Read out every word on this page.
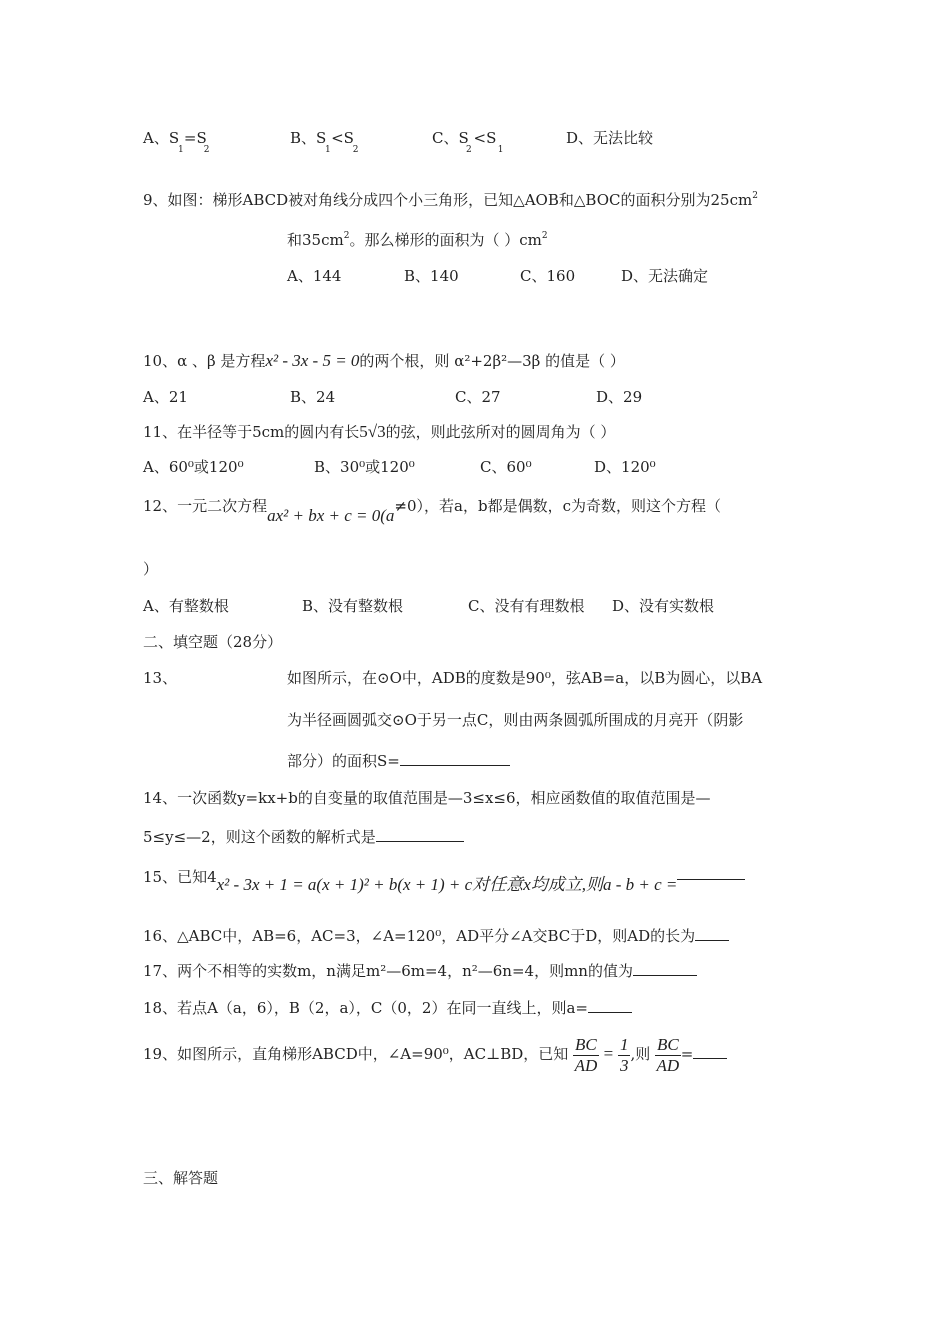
A、S =S
1 2
B、S <S
1 2
C、S <S
2	1
D、无法比较
9、如图：梯形ABCD被对角线分成四个小三角形，已知△AOB和△BOC的面积分别为$25cm^2$
和$35cm^2$。那么梯形的面积为（ ）$cm^2$
A、144	B、140	C、160	D、无法确定
10、α 、β 是方程x² - 3x - 5 = 0的两个根，则 α²+2β²—3β 的值是（ ）
A、21	B、24	C、27	D、29
11、在半径等于5cm的圆内有长5√3的弦，则此弦所对的圆周角为（ ）
A、60⁰或120⁰	B、30⁰或120⁰	C、60⁰	D、120⁰
12、一元二次方程ax² + bx + c = 0(a≠0），若a，b都是偶数，c为奇数，则这个方程（
）
A、有整数根	B、没有整数根	C、没有有理数根 D、没有实数根
二、填空题（28分）
13、	如图所示，在⊙O中，ADB的度数是90⁰，弦AB=a，以B为圆心，以BA
为半径画圆弧交⊙O于另一点C，则由两条圆弧所围成的月亮开（阴影
部分）的面积S=
14、一次函数y=kx+b的自变量的取值范围是—3≤x≤6，相应函数值的取值范围是—
5≤y≤—2，则这个函数的解析式是
15、已知4x² - 3x + 1 = a(x + 1)² + b(x + 1) + c对任意x均成立,则a - b + c =
16、△ABC中，AB=6，AC=3，∠A=120⁰，AD平分∠A交BC于D，则AD的长为
17、两个不相等的实数m，n满足m²—6m=4，n²—6n=4，则mn的值为
18、若点A（a，6），B（2，a），C（0，2）在同一直线上，则a=
19、如图所示，直角梯形ABCD中，∠A=90⁰，AC⊥BD，已知 $\frac{BC}{AD} = \frac{1}{3}$ ,则 $\frac{BC}{AD}$ =
三、解答题
